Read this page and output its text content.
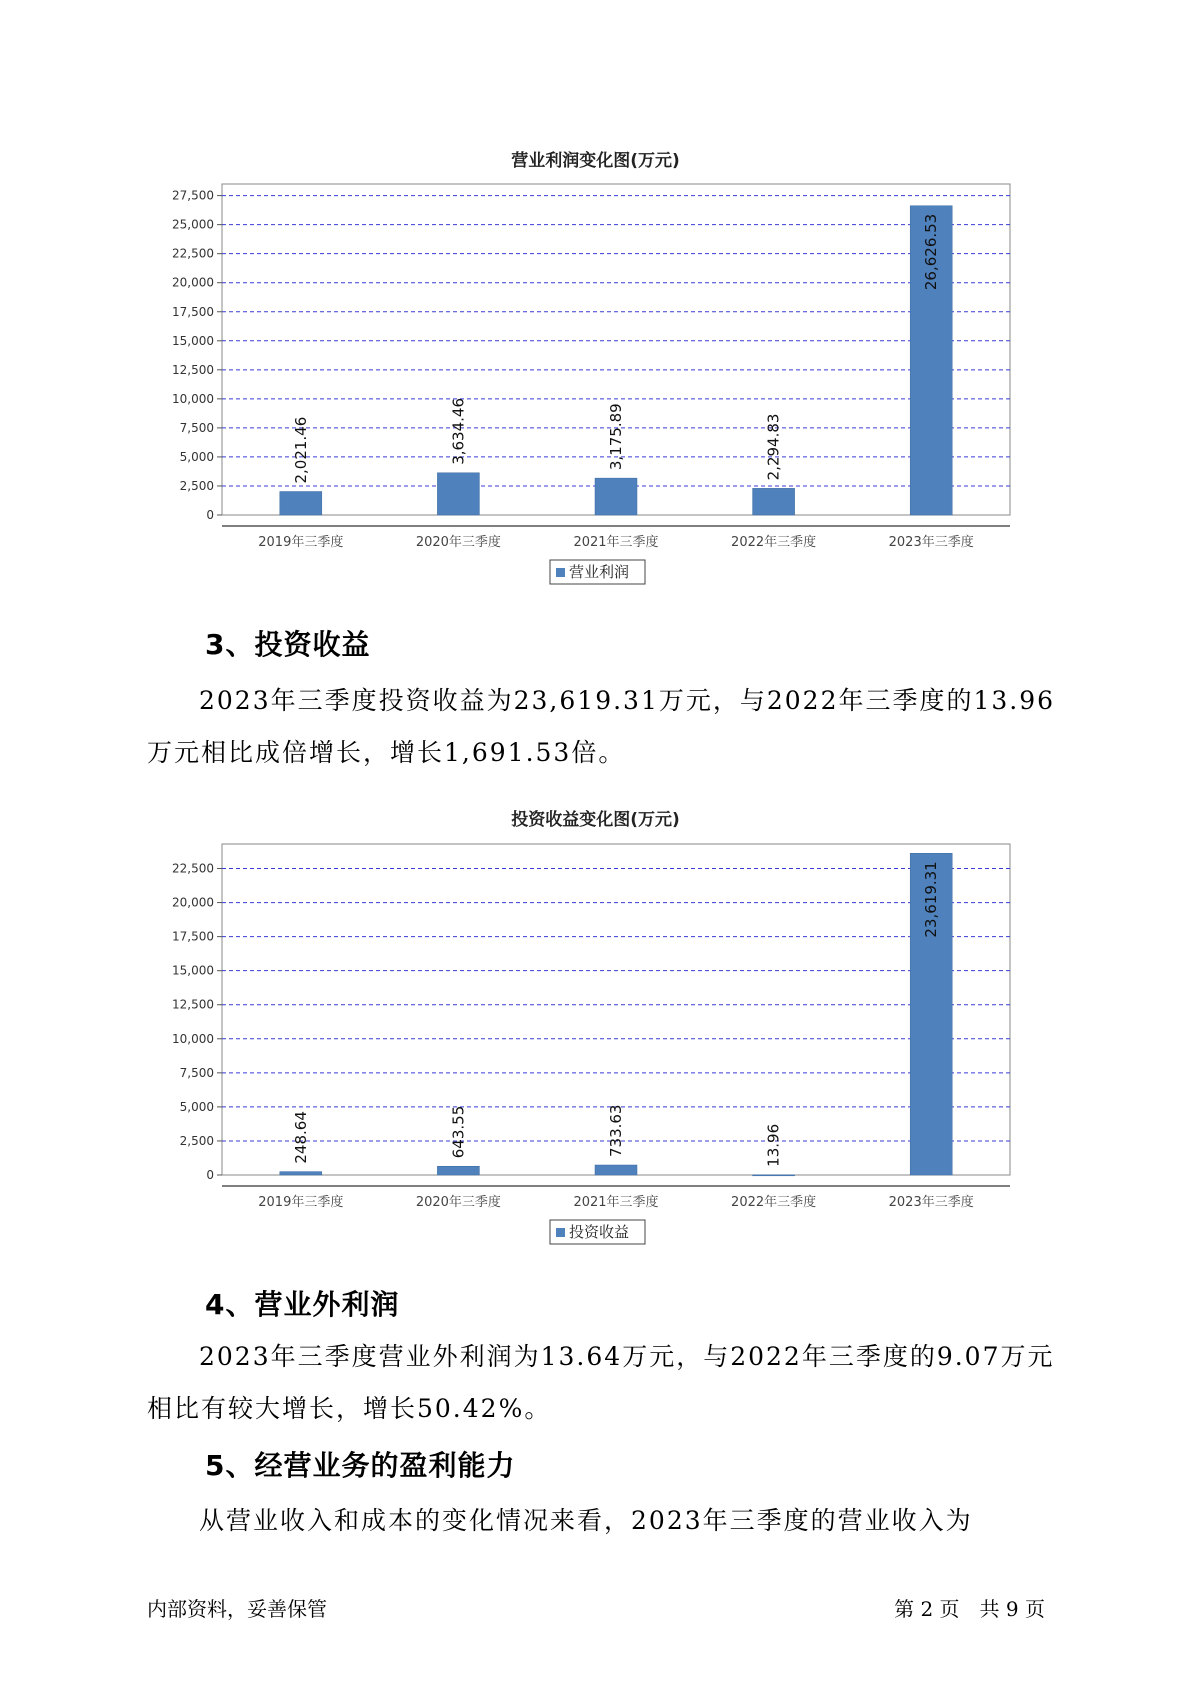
营业利润变化图(万元)
0
2,500
5,000
7,500
10,000
12,500
15,000
17,500
20,000
22,500
25,000
27,500
2,021.46
2019年三季度
3,634.46
2020年三季度
3,175.89
2021年三季度
2,294.83
2022年三季度
26,626.53
2023年三季度
营业利润
3、投资收益
2023年三季度投资收益为23,619.31万元，与2022年三季度的13.96万元相比成倍增长，增长1,691.53倍。
投资收益变化图(万元)
0
2,500
5,000
7,500
10,000
12,500
15,000
17,500
20,000
22,500
248.64
2019年三季度
643.55
2020年三季度
733.63
2021年三季度
13.96
2022年三季度
23,619.31
2023年三季度
投资收益
4、营业外利润
2023年三季度营业外利润为13.64万元，与2022年三季度的9.07万元相比有较大增长，增长50.42%。
5、经营业务的盈利能力
从营业收入和成本的变化情况来看，2023年三季度的营业收入为
内部资料，妥善保管	第 2 页　共 9 页
